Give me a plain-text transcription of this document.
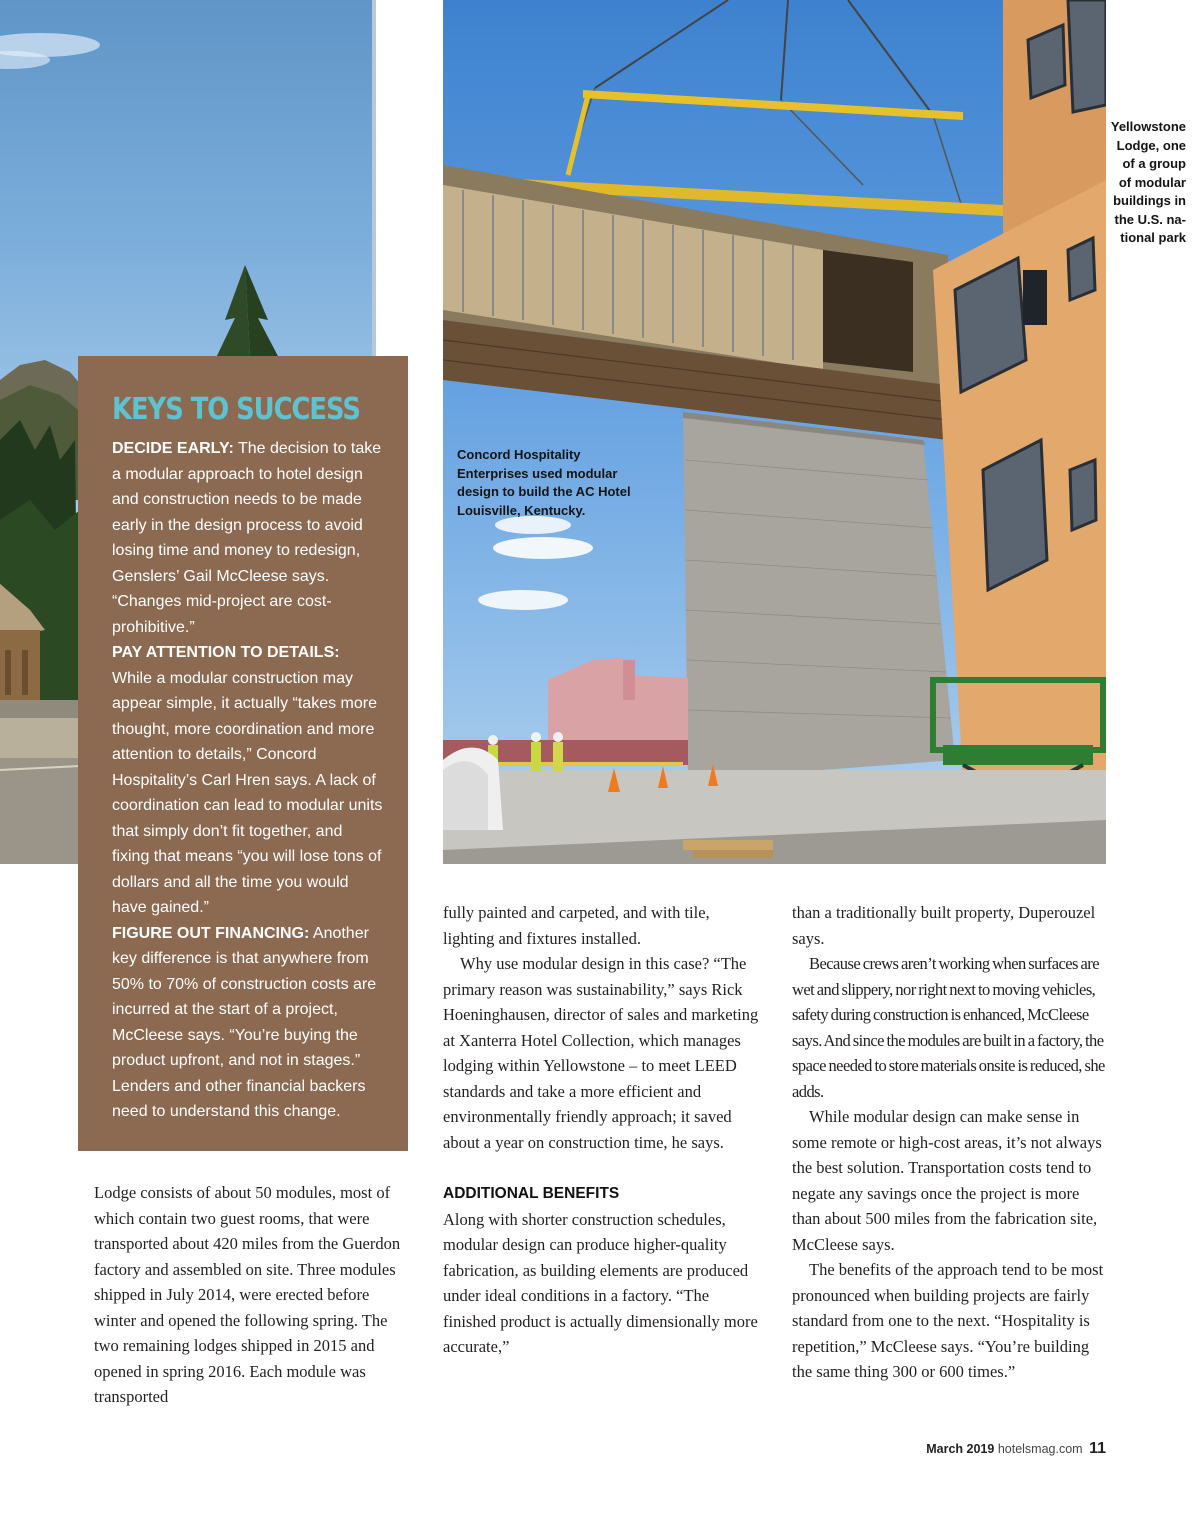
Yellowstone
Lodge, one
of a group
of modular
buildings in
the U.S. na-
tional park
Concord Hospitality
Enterprises used modular
design to build the AC Hotel
Louisville, Kentucky.
KEYS TO SUCCESS

DECIDE EARLY: The decision to take a modular approach to hotel design and construction needs to be made early in the design process to avoid losing time and money to redesign, Genslers’ Gail McCleese says. “Changes mid-project are cost-prohibitive.”

PAY ATTENTION TO DETAILS: While a modular construction may appear simple, it actually “takes more thought, more coordination and more attention to details,” Concord Hospitality’s Carl Hren says. A lack of coordination can lead to modular units that simply don’t fit together, and fixing that means “you will lose tons of dollars and all the time you would have gained.”

FIGURE OUT FINANCING: Another key difference is that anywhere from 50% to 70% of construction costs are incurred at the start of a project, McCleese says. “You’re buying the product upfront, and not in stages.” Lenders and other financial backers need to understand this change.

Lodge consists of about 50 modules, most of which contain two guest rooms, that were transported about 420 miles from the Guerdon factory and assembled on site. Three modules shipped in July 2014, were erected before winter and opened the following spring. The two remaining lodges shipped in 2015 and opened in spring 2016. Each module was transported

fully painted and carpeted, and with tile, lighting and fixtures installed.

Why use modular design in this case? “The primary reason was sustainability,” says Rick Hoeninghausen, director of sales and marketing at Xanterra Hotel Collection, which manages lodging within Yellowstone – to meet LEED standards and take a more efficient and environmentally friendly approach; it saved about a year on construction time, he says.

ADDITIONAL BENEFITS

Along with shorter construction schedules, modular design can produce higher-quality fabrication, as building elements are produced under ideal conditions in a factory. “The finished product is actually dimensionally more accurate,”

than a traditionally built property, Duperouzel says.

Because crews aren’t working when surfaces are wet and slippery, nor right next to moving vehicles, safety during construction is enhanced, McCleese says. And since the modules are built in a factory, the space needed to store materials onsite is reduced, she adds.

While modular design can make sense in some remote or high-cost areas, it’s not always the best solution. Transportation costs tend to negate any savings once the project is more than about 500 miles from the fabrication site, McCleese says.

The benefits of the approach tend to be most pronounced when building projects are fairly standard from one to the next. “Hospitality is repetition,” McCleese says. “You’re building the same thing 300 or 600 times.”

March 2019 hotelsmag.com 11
